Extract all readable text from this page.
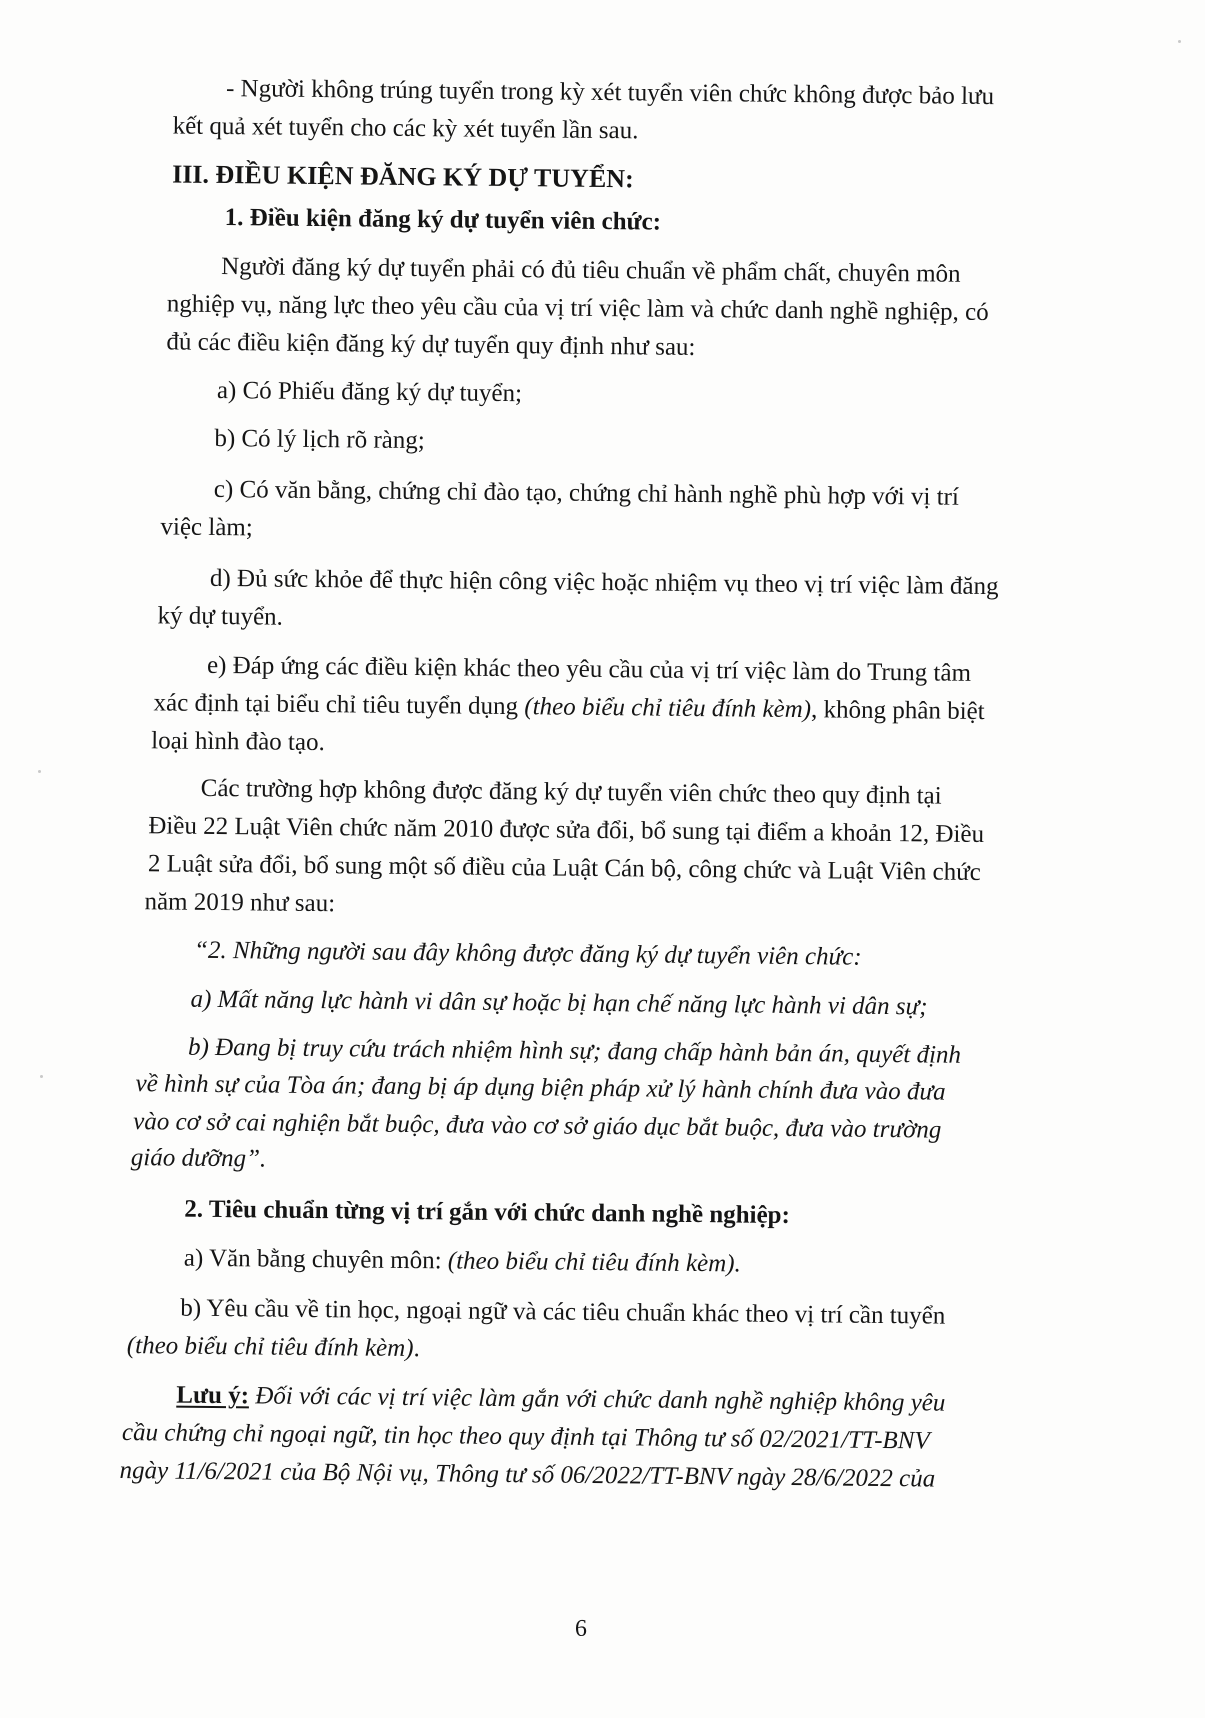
- Người không trúng tuyển trong kỳ xét tuyển viên chức không được bảo lưu

kết quả xét tuyển cho các kỳ xét tuyển lần sau.

III. ĐIỀU KIỆN ĐĂNG KÝ DỰ TUYỂN:

1. Điều kiện đăng ký dự tuyển viên chức:

Người đăng ký dự tuyển phải có đủ tiêu chuẩn về phẩm chất, chuyên môn

nghiệp vụ, năng lực theo yêu cầu của vị trí việc làm và chức danh nghề nghiệp, có

đủ các điều kiện đăng ký dự tuyển quy định như sau:

a) Có Phiếu đăng ký dự tuyển;

b) Có lý lịch rõ ràng;

c) Có văn bằng, chứng chỉ đào tạo, chứng chỉ hành nghề phù hợp với vị trí

việc làm;

d) Đủ sức khỏe để thực hiện công việc hoặc nhiệm vụ theo vị trí việc làm đăng

ký dự tuyển.

e) Đáp ứng các điều kiện khác theo yêu cầu của vị trí việc làm do Trung tâm

xác định tại biểu chỉ tiêu tuyển dụng (theo biểu chỉ tiêu đính kèm), không phân biệt

loại hình đào tạo.

Các trường hợp không được đăng ký dự tuyển viên chức theo quy định tại

Điều 22 Luật Viên chức năm 2010 được sửa đổi, bổ sung tại điểm a khoản 12, Điều

2 Luật sửa đổi, bổ sung một số điều của Luật Cán bộ, công chức và Luật Viên chức

năm 2019 như sau:

“2. Những người sau đây không được đăng ký dự tuyển viên chức:

a) Mất năng lực hành vi dân sự hoặc bị hạn chế năng lực hành vi dân sự;

b) Đang bị truy cứu trách nhiệm hình sự; đang chấp hành bản án, quyết định

về hình sự của Tòa án; đang bị áp dụng biện pháp xử lý hành chính đưa vào đưa

vào cơ sở cai nghiện bắt buộc, đưa vào cơ sở giáo dục bắt buộc, đưa vào trường

giáo dưỡng”.

2. Tiêu chuẩn từng vị trí gắn với chức danh nghề nghiệp:

a) Văn bằng chuyên môn: (theo biểu chỉ tiêu đính kèm).

b) Yêu cầu về tin học, ngoại ngữ và các tiêu chuẩn khác theo vị trí cần tuyển

(theo biểu chỉ tiêu đính kèm).

Lưu ý: Đối với các vị trí việc làm gắn với chức danh nghề nghiệp không yêu

cầu chứng chỉ ngoại ngữ, tin học theo quy định tại Thông tư số 02/2021/TT-BNV

ngày 11/6/2021 của Bộ Nội vụ, Thông tư số 06/2022/TT-BNV ngày 28/6/2022 của

6
